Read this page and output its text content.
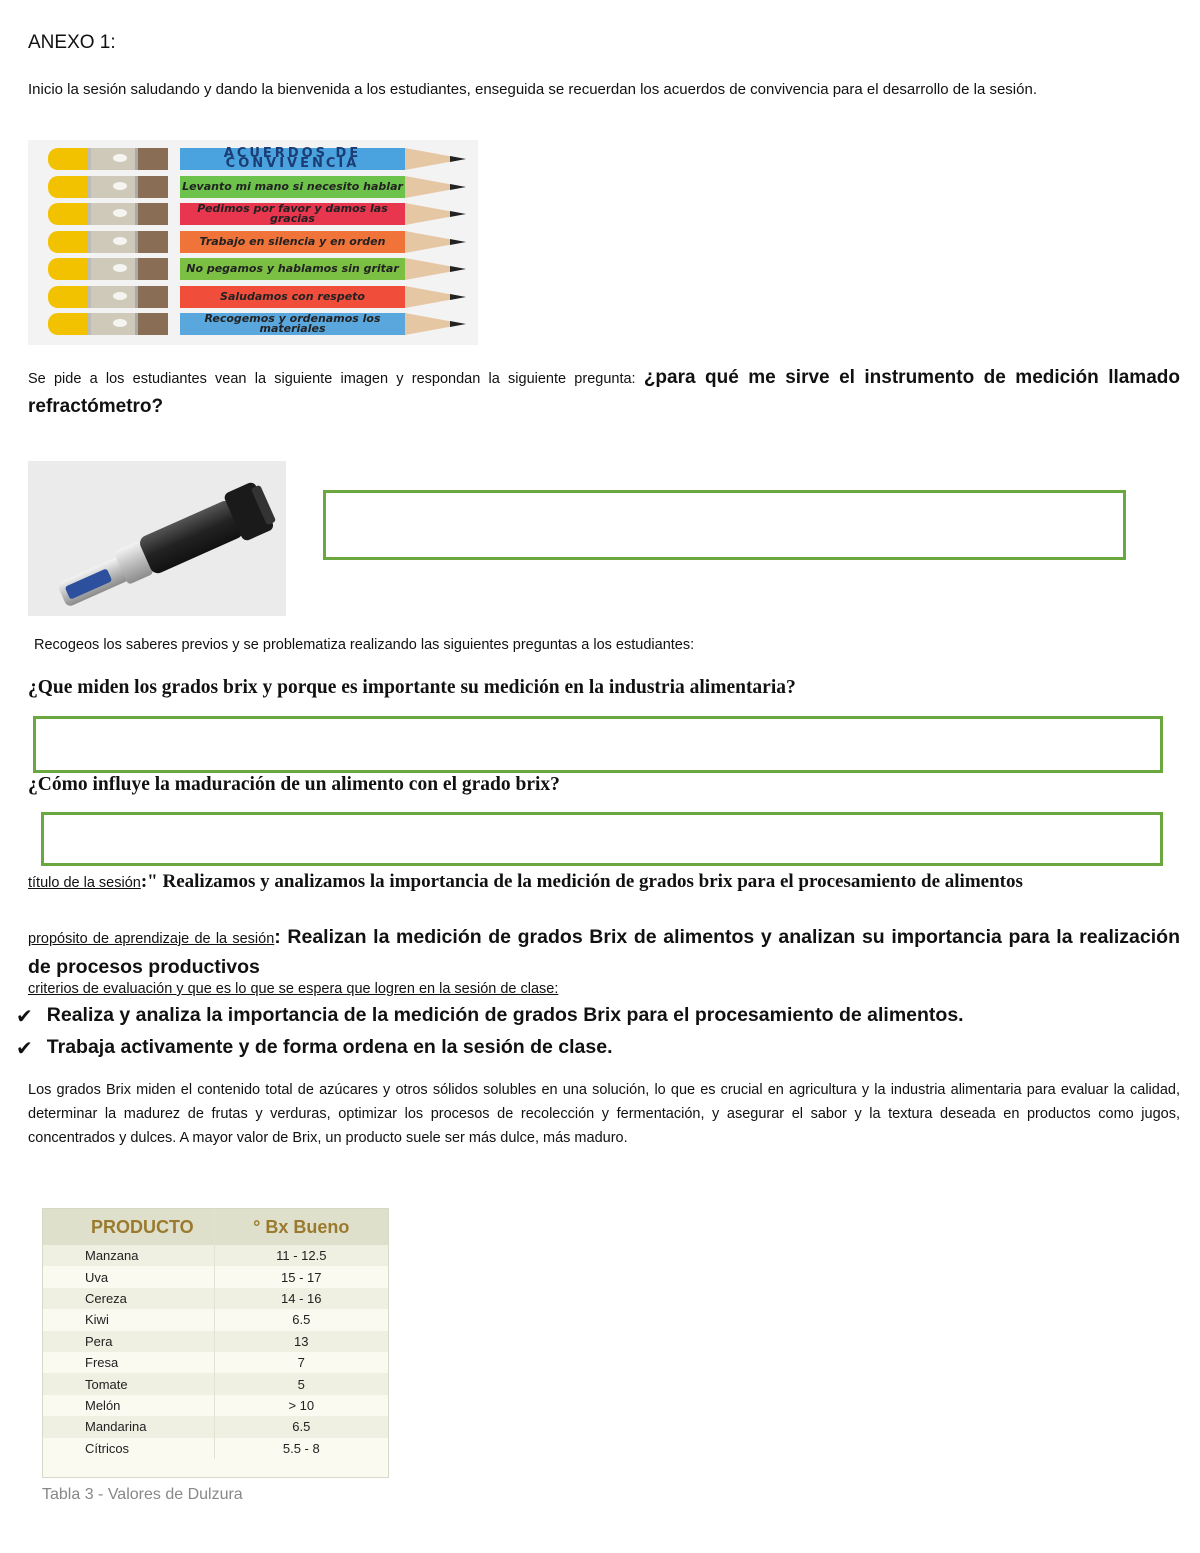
ANEXO 1:
Inicio la sesión saludando y dando la bienvenida a los estudiantes, enseguida se recuerdan los acuerdos de convivencia para el desarrollo de la sesión.
ACUERDOS DE CONVIVENCIA
Levanto mi mano si necesito hablar
Pedimos por favor y damos las gracias
Trabajo en silencia y en orden
No pegamos y hablamos sin gritar
Saludamos con respeto
Recogemos y ordenamos los materiales
Se pide a los estudiantes vean la siguiente imagen y respondan la siguiente pregunta: ¿para qué me sirve el instrumento de medición llamado refractómetro?
Recogeos los saberes previos y se problematiza realizando las siguientes preguntas a los estudiantes:
¿Que miden los grados brix y porque es importante su medición en la industria alimentaria?
¿Cómo influye la maduración de un alimento con el grado brix?
título de la sesión:" Realizamos y analizamos la importancia de la medición de grados brix para el procesamiento de alimentos
propósito de aprendizaje de la sesión: Realizan la medición de grados Brix de alimentos y analizan su importancia para la realización de procesos productivos
criterios de evaluación y que es lo que se espera que logren en la sesión de clase:
✔ Realiza y analiza la importancia de la medición de grados Brix para el procesamiento de alimentos.
✔ Trabaja activamente y de forma ordena en la sesión de clase.
Los grados Brix miden el contenido total de azúcares y otros sólidos solubles en una solución, lo que es crucial en agricultura y la industria alimentaria para evaluar la calidad, determinar la madurez de frutas y verduras, optimizar los procesos de recolección y fermentación, y asegurar el sabor y la textura deseada en productos como jugos, concentrados y dulces. A mayor valor de Brix, un producto suele ser más dulce, más maduro.
PRODUCTO	° Bx Bueno
Manzana	11 - 12.5
Uva	15 - 17
Cereza	14 - 16
Kiwi	6.5
Pera	13
Fresa	7
Tomate	5
Melón	> 10
Mandarina	6.5
Cítricos	5.5 - 8
Tabla 3 - Valores de Dulzura
